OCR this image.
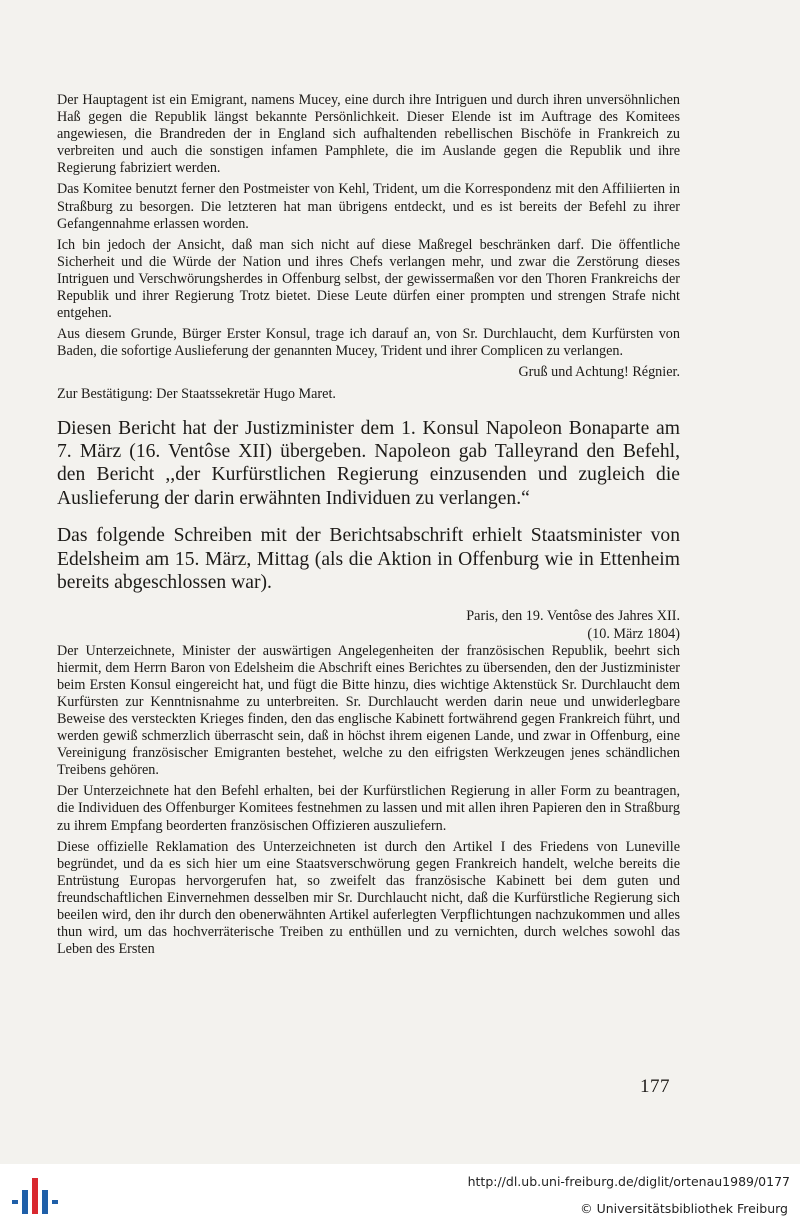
Der Hauptagent ist ein Emigrant, namens Mucey, eine durch ihre Intriguen und durch ihren unversöhnlichen Haß gegen die Republik längst bekannte Persönlichkeit. Dieser Elende ist im Auftrage des Komitees angewiesen, die Brandreden der in England sich aufhaltenden rebellischen Bischöfe in Frankreich zu verbreiten und auch die sonstigen infamen Pamphlete, die im Auslande gegen die Republik und ihre Regierung fabriziert werden.

Das Komitee benutzt ferner den Postmeister von Kehl, Trident, um die Korrespondenz mit den Affiliierten in Straßburg zu besorgen. Die letzteren hat man übrigens entdeckt, und es ist bereits der Befehl zu ihrer Gefangennahme erlassen worden.

Ich bin jedoch der Ansicht, daß man sich nicht auf diese Maßregel beschränken darf. Die öffentliche Sicherheit und die Würde der Nation und ihres Chefs verlangen mehr, und zwar die Zerstörung dieses Intriguen und Verschwörungsherdes in Offenburg selbst, der gewissermaßen vor den Thoren Frankreichs der Republik und ihrer Regierung Trotz bietet. Diese Leute dürfen einer prompten und strengen Strafe nicht entgehen.

Aus diesem Grunde, Bürger Erster Konsul, trage ich darauf an, von Sr. Durchlaucht, dem Kurfürsten von Baden, die sofortige Auslieferung der genannten Mucey, Trident und ihrer Complicen zu verlangen.

Gruß und Achtung! Régnier.

Zur Bestätigung: Der Staatssekretär Hugo Maret.

Diesen Bericht hat der Justizminister dem 1. Konsul Napoleon Bonaparte am 7. März (16. Ventôse XII) übergeben. Napoleon gab Talleyrand den Befehl, den Bericht ,,der Kurfürstlichen Regierung einzusenden und zugleich die Auslieferung der darin erwähnten Individuen zu verlangen.“

Das folgende Schreiben mit der Berichtsabschrift erhielt Staatsminister von Edelsheim am 15. März, Mittag (als die Aktion in Offenburg wie in Ettenheim bereits abgeschlossen war).

Paris, den 19. Ventôse des Jahres XII.

(10. März 1804)

Der Unterzeichnete, Minister der auswärtigen Angelegenheiten der französischen Republik, beehrt sich hiermit, dem Herrn Baron von Edelsheim die Abschrift eines Berichtes zu übersenden, den der Justizminister beim Ersten Konsul eingereicht hat, und fügt die Bitte hinzu, dies wichtige Aktenstück Sr. Durchlaucht dem Kurfürsten zur Kenntnisnahme zu unterbreiten. Sr. Durchlaucht werden darin neue und unwiderlegbare Beweise des versteckten Krieges finden, den das englische Kabinett fortwährend gegen Frankreich führt, und werden gewiß schmerzlich überrascht sein, daß in höchst ihrem eigenen Lande, und zwar in Offenburg, eine Vereinigung französischer Emigranten bestehet, welche zu den eifrigsten Werkzeugen jenes schändlichen Treibens gehören.

Der Unterzeichnete hat den Befehl erhalten, bei der Kurfürstlichen Regierung in aller Form zu beantragen, die Individuen des Offenburger Komitees festnehmen zu lassen und mit allen ihren Papieren den in Straßburg zu ihrem Empfang beorderten französischen Offizieren auszuliefern.

Diese offizielle Reklamation des Unterzeichneten ist durch den Artikel I des Friedens von Luneville begründet, und da es sich hier um eine Staatsverschwörung gegen Frankreich handelt, welche bereits die Entrüstung Europas hervorgerufen hat, so zweifelt das französische Kabinett bei dem guten und freundschaftlichen Einvernehmen desselben mir Sr. Durchlaucht nicht, daß die Kurfürstliche Regierung sich beeilen wird, den ihr durch den obenerwähnten Artikel auferlegten Verpflichtungen nachzukommen und alles thun wird, um das hochverräterische Treiben zu enthüllen und zu vernichten, durch welches sowohl das Leben des Ersten

177
http://dl.ub.uni-freiburg.de/diglit/ortenau1989/0177
© Universitätsbibliothek Freiburg
